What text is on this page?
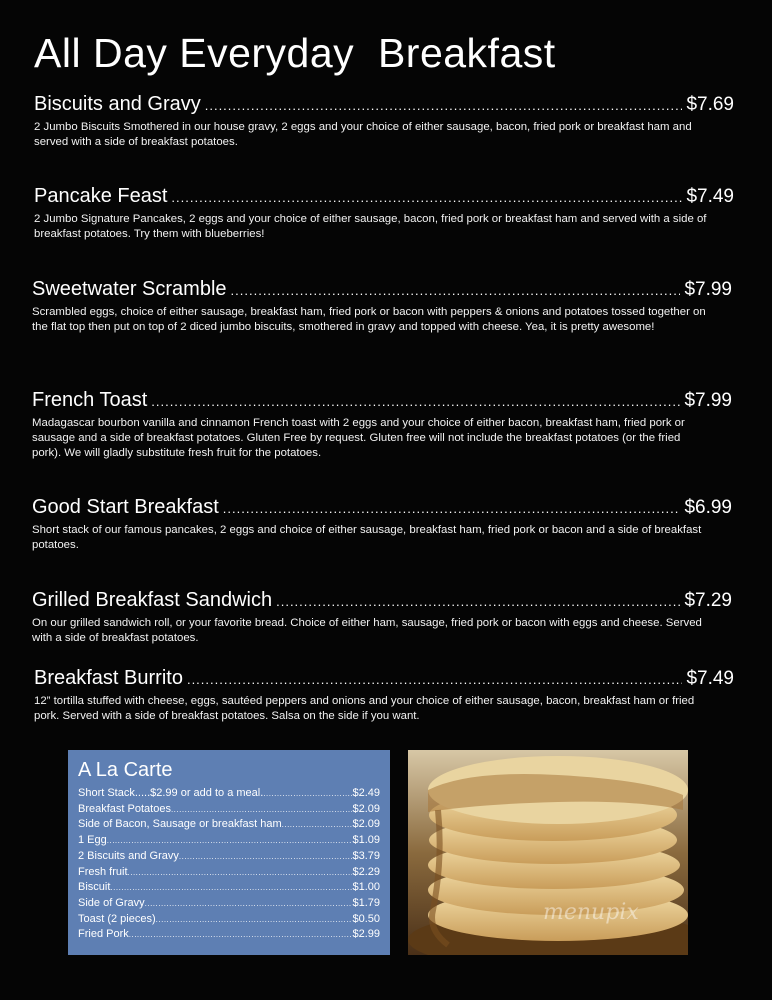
All Day Everyday  Breakfast
Biscuits and Gravy .....	$7.69
2 Jumbo Biscuits Smothered in our house gravy, 2 eggs and your choice of either sausage, bacon, fried pork or breakfast ham and served with a side of breakfast potatoes.
Pancake Feast .....	$7.49
2 Jumbo Signature Pancakes, 2 eggs and your choice of either sausage, bacon, fried pork or breakfast ham and served with a side of breakfast potatoes. Try them with blueberries!
Sweetwater Scramble .....	$7.99
Scrambled eggs, choice of either sausage, breakfast ham, fried pork or bacon with peppers & onions and potatoes tossed together on the flat top then put on top of 2 diced jumbo biscuits, smothered in gravy and topped with cheese. Yea, it is pretty awesome!
French Toast .....	$7.99
Madagascar bourbon vanilla and cinnamon French toast with 2 eggs and your choice of either bacon, breakfast ham, fried pork or sausage and a side of breakfast potatoes. Gluten Free by request. Gluten free will not include the breakfast potatoes (or the fried pork). We will gladly substitute fresh fruit for the potatoes.
Good Start Breakfast .....	$6.99
Short stack of our famous pancakes, 2 eggs and choice of either sausage, breakfast ham, fried pork or bacon and a side of breakfast potatoes.
Grilled Breakfast Sandwich .....	$7.29
On our grilled sandwich roll, or your favorite bread. Choice of either ham, sausage, fried pork or bacon with eggs and cheese. Served with a side of breakfast potatoes.
Breakfast Burrito .....	$7.49
12” tortilla stuffed with cheese, eggs, sautéed peppers and onions and your choice of either sausage, bacon, breakfast ham or fried pork. Served with a side of breakfast potatoes. Salsa on the side if you want.
A La Carte
Short Stack.....$2.99 or add to a meal. .....	$2.49
Breakfast Potatoes .....	$2.09
Side of Bacon, Sausage or breakfast ham .....	$2.09
1 Egg .....	$1.09
2 Biscuits and Gravy .....	$3.79
Fresh fruit .....	$2.29
Biscuit .....	$1.00
Side of Gravy .....	$1.79
Toast (2 pieces) .....	$0.50
Fried Pork .....	$2.99
menupix
